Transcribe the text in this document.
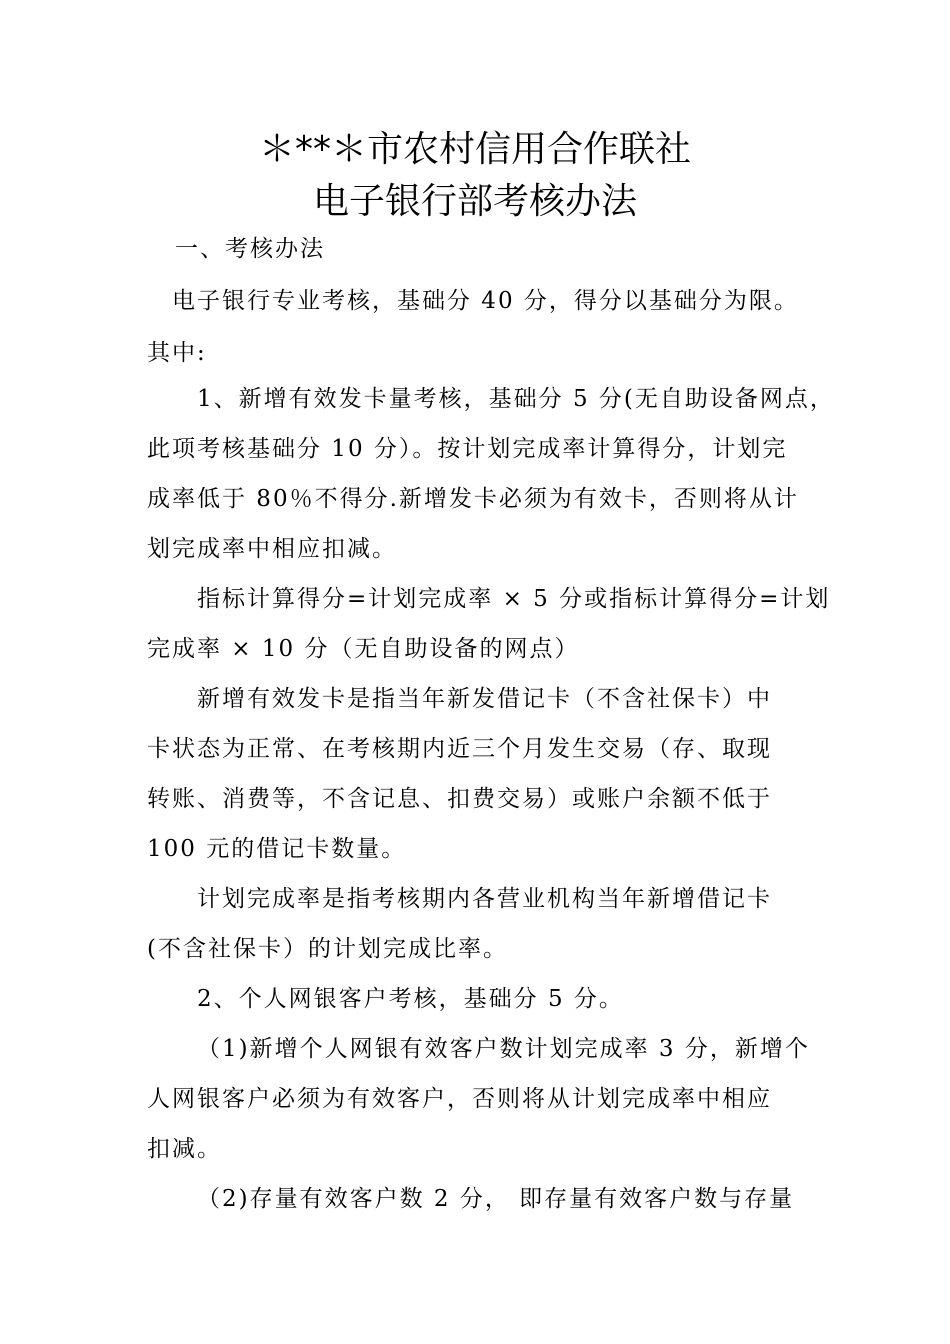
＊**＊市农村信用合作联社
电子银行部考核办法
一、考核办法
电子银行专业考核，基础分 40 分，得分以基础分为限。
其中:
1、新增有效发卡量考核，基础分 5 分(无自助设备网点，
此项考核基础分 10 分）。按计划完成率计算得分，计划完
成率低于 80％不得分.新增发卡必须为有效卡，否则将从计
划完成率中相应扣减。
指标计算得分=计划完成率 × 5 分或指标计算得分=计划
完成率 × 10 分（无自助设备的网点）
新增有效发卡是指当年新发借记卡（不含社保卡）中
卡状态为正常、在考核期内近三个月发生交易（存、取现
转账、消费等，不含记息、扣费交易）或账户余额不低于
100 元的借记卡数量。
计划完成率是指考核期内各营业机构当年新增借记卡
(不含社保卡）的计划完成比率。
2、个人网银客户考核，基础分 5 分。
（1)新增个人网银有效客户数计划完成率 3 分，新增个
人网银客户必须为有效客户，否则将从计划完成率中相应
扣减。
（2)存量有效客户数 2 分， 即存量有效客户数与存量
